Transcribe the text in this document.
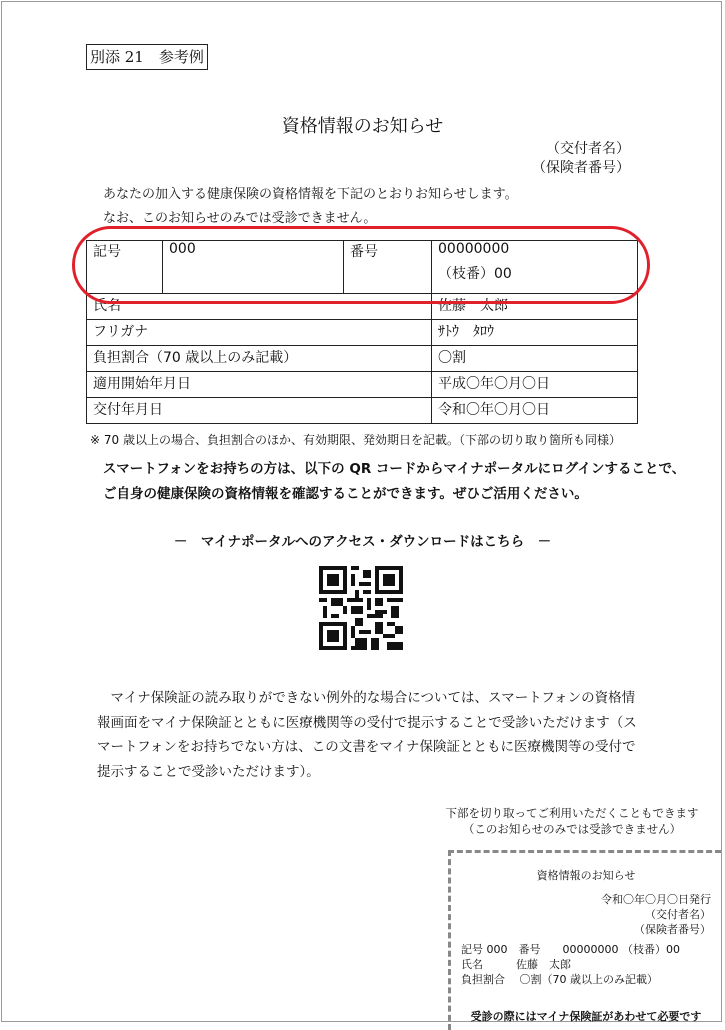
別添 21　参考例
資格情報のお知らせ
（交付者名）
（保険者番号）
あなたの加入する健康保険の資格情報を下記のとおりお知らせします。
なお、このお知らせのみでは受診できません。
記号	000	番号	00000000
（枝番）00

氏名			佐藤　太郎
フリガナ			ｻﾄｳ　ﾀﾛｳ
負担割合（70 歳以上のみ記載）			〇割
適用開始年月日			平成〇年〇月〇日
交付年月日			令和〇年〇月〇日
※ 70 歳以上の場合、負担割合のほか、有効期限、発効期日を記載。（下部の切り取り箇所も同様）
スマートフォンをお持ちの方は、以下の QR コードからマイナポータルにログインすることで、
ご自身の健康保険の資格情報を確認することができます。ぜひご活用ください。
－　マイナポータルへのアクセス・ダウンロードはこちら　－
　マイナ保険証の読み取りができない例外的な場合については、スマートフォンの資格情報画面をマイナ保険証とともに医療機関等の受付で提示することで受診いただけます（スマートフォンをお持ちでない方は、この文書をマイナ保険証とともに医療機関等の受付で提示することで受診いただけます）。
下部を切り取ってご利用いただくこともできます
（このお知らせのみでは受診できません）
資格情報のお知らせ
令和〇年〇月〇日発行
（交付者名）
（保険者番号）
記号 000　番号　　00000000 （枝番）00
氏名　　　佐藤　太郎
負担割合　 〇割（70 歳以上のみ記載）
受診の際にはマイナ保険証があわせて必要です
